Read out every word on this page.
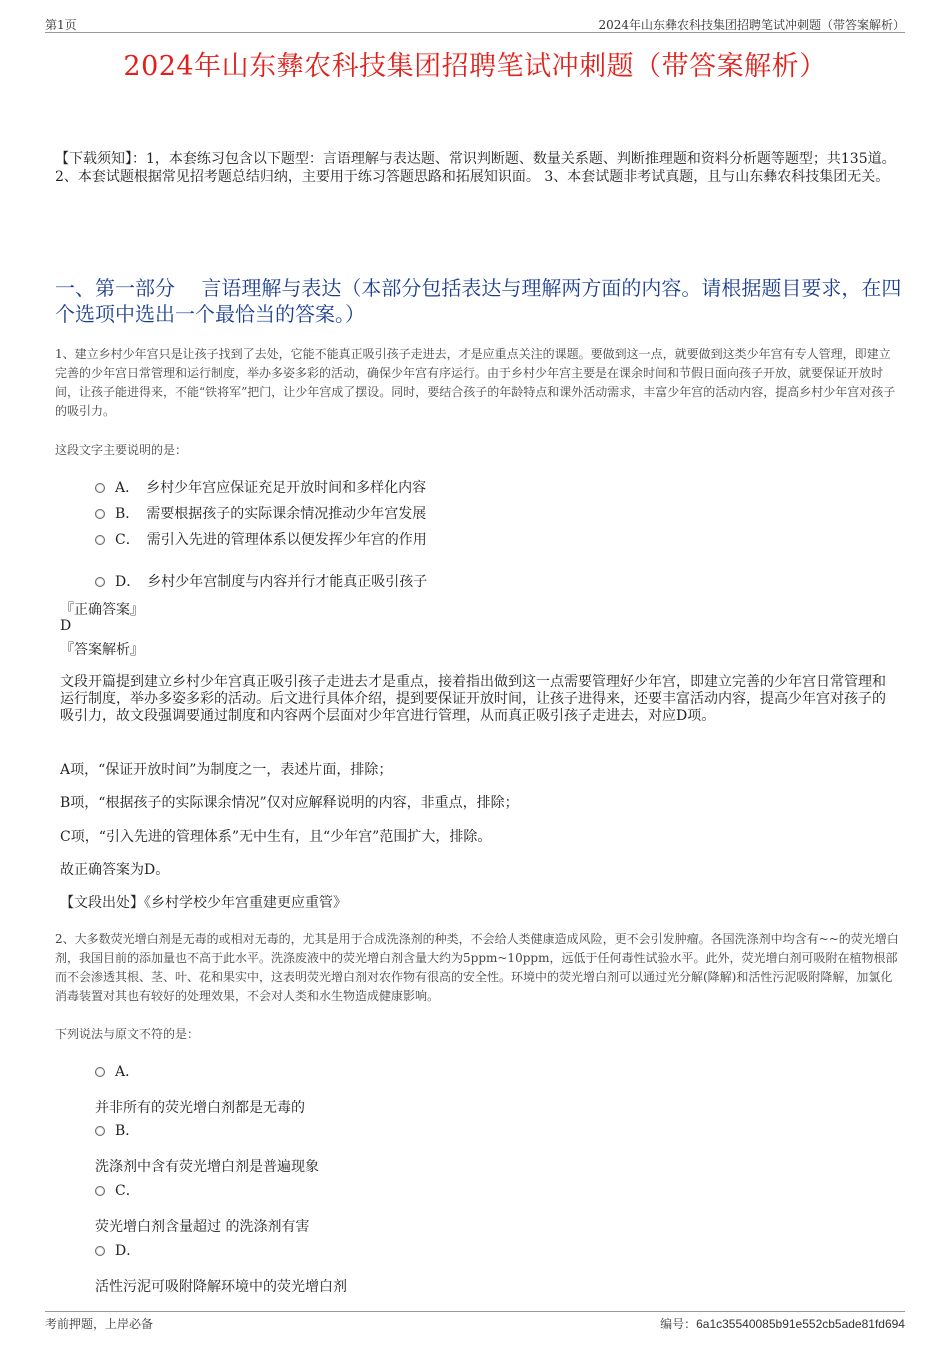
第1页	2024年山东彝农科技集团招聘笔试冲刺题（带答案解析）
2024年山东彝农科技集团招聘笔试冲刺题（带答案解析）
【下载须知】：1，本套练习包含以下题型：言语理解与表达题、常识判断题、数量关系题、判断推理题和资料分析题等题型；共135道。 2、本套试题根据常见招考题总结归纳，主要用于练习答题思路和拓展知识面。 3、本套试题非考试真题，且与山东彝农科技集团无关。
一、第一部分　 言语理解与表达（本部分包括表达与理解两方面的内容。请根据题目要求，在四个选项中选出一个最恰当的答案。）
1、建立乡村少年宫只是让孩子找到了去处，它能不能真正吸引孩子走进去，才是应重点关注的课题。要做到这一点，就要做到这类少年宫有专人管理，即建立完善的少年宫日常管理和运行制度，举办多姿多彩的活动，确保少年宫有序运行。由于乡村少年宫主要是在课余时间和节假日面向孩子开放，就要保证开放时间，让孩子能进得来，不能“铁将军”把门，让少年宫成了摆设。同时，要结合孩子的年龄特点和课外活动需求，丰富少年宫的活动内容，提高乡村少年宫对孩子的吸引力。
这段文字主要说明的是：
A．　乡村少年宫应保证充足开放时间和多样化内容
B．　需要根据孩子的实际课余情况推动少年宫发展
C．　需引入先进的管理体系以便发挥少年宫的作用
D．　乡村少年宫制度与内容并行才能真正吸引孩子
『正确答案』
D
『答案解析』
文段开篇提到建立乡村少年宫真正吸引孩子走进去才是重点，接着指出做到这一点需要管理好少年宫，即建立完善的少年宫日常管理和运行制度，举办多姿多彩的活动。后文进行具体介绍，提到要保证开放时间，让孩子进得来，还要丰富活动内容，提高少年宫对孩子的吸引力，故文段强调要通过制度和内容两个层面对少年宫进行管理，从而真正吸引孩子走进去，对应D项。
A项，“保证开放时间”为制度之一，表述片面，排除；
B项，“根据孩子的实际课余情况”仅对应解释说明的内容，非重点，排除；
C项，“引入先进的管理体系”无中生有，且“少年宫”范围扩大，排除。
故正确答案为D。
【文段出处】《乡村学校少年宫重建更应重管》
2、大多数荧光增白剂是无毒的或相对无毒的，尤其是用于合成洗涤剂的种类，不会给人类健康造成风险，更不会引发肿瘤。各国洗涤剂中均含有~~的荧光增白剂，我国目前的添加量也不高于此水平。洗涤废液中的荧光增白剂含量大约为5ppm~10ppm，远低于任何毒性试验水平。此外，荧光增白剂可吸附在植物根部而不会渗透其根、茎、叶、花和果实中，这表明荧光增白剂对农作物有很高的安全性。环境中的荧光增白剂可以通过光分解(降解)和活性污泥吸附降解，加氯化消毒装置对其也有较好的处理效果，不会对人类和水生物造成健康影响。
下列说法与原文不符的是：
A．
并非所有的荧光增白剂都是无毒的
B．
洗涤剂中含有荧光增白剂是普遍现象
C．
荧光增白剂含量超过 的洗涤剂有害
D．
活性污泥可吸附降解环境中的荧光增白剂
考前押题，上岸必备	编号：6a1c35540085b91e552cb5ade81fd694
